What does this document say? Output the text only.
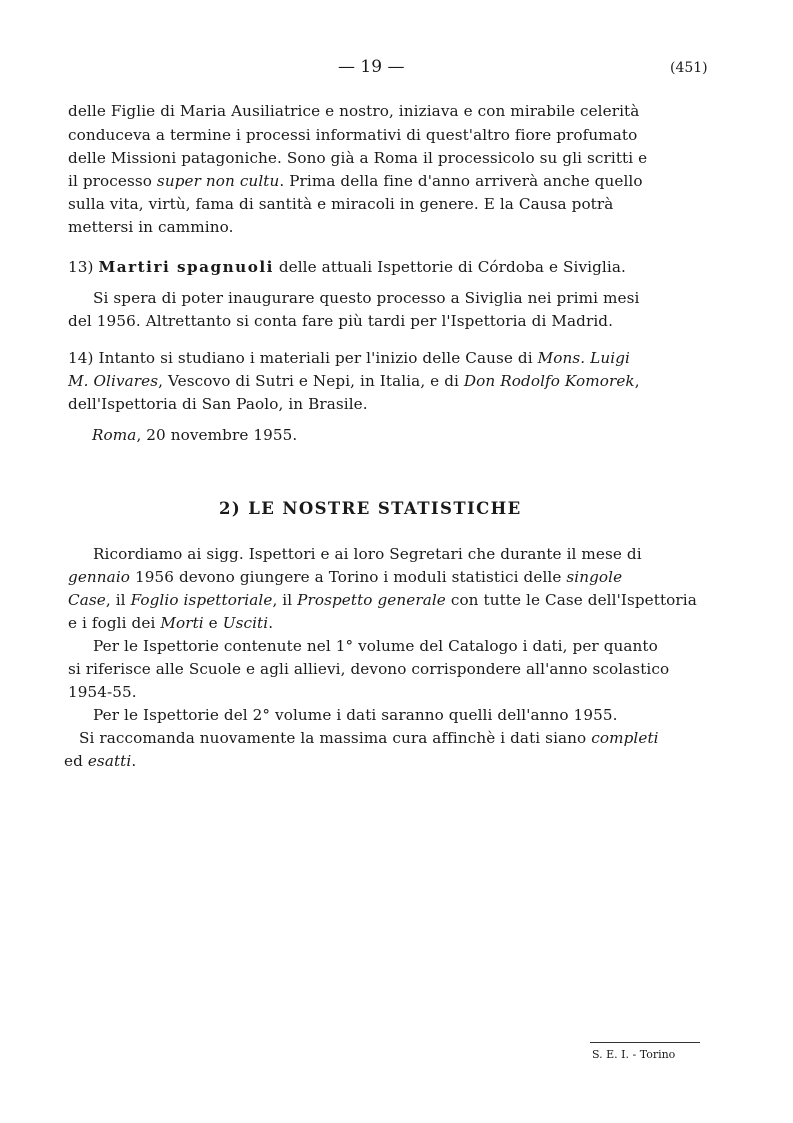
— 19 —	(451)
delle Figlie di Maria Ausiliatrice e nostro, iniziava e con mirabile celerità
conduceva a termine i processi informativi di quest'altro fiore profumato
delle Missioni patagoniche. Sono già a Roma il processicolo su gli scritti e
il processo super non cultu. Prima della fine d'anno arriverà anche quello
sulla vita, virtù, fama di santità e miracoli in genere. E la Causa potrà
mettersi in cammino.
13) Martiri spagnuoli delle attuali Ispettorie di Córdoba e Siviglia.
Si spera di poter inaugurare questo processo a Siviglia nei primi mesi
del 1956. Altrettanto si conta fare più tardi per l'Ispettoria di Madrid.
14) Intanto si studiano i materiali per l'inizio delle Cause di Mons. Luigi
M. Olivares, Vescovo di Sutri e Nepi, in Italia, e di Don Rodolfo Komorek,
dell'Ispettoria di San Paolo, in Brasile.
Roma, 20 novembre 1955.
2) LE NOSTRE STATISTICHE
Ricordiamo ai sigg. Ispettori e ai loro Segretari che durante il mese di
gennaio 1956 devono giungere a Torino i moduli statistici delle singole
Case, il Foglio ispettoriale, il Prospetto generale con tutte le Case dell'Ispettoria
e i fogli dei Morti e Usciti.
Per le Ispettorie contenute nel 1° volume del Catalogo i dati, per quanto
si riferisce alle Scuole e agli allievi, devono corrispondere all'anno scolastico
1954-55.
Per le Ispettorie del 2° volume i dati saranno quelli dell'anno 1955.
Si raccomanda nuovamente la massima cura affinchè i dati siano completi
ed esatti.
S. E. I. - Torino
